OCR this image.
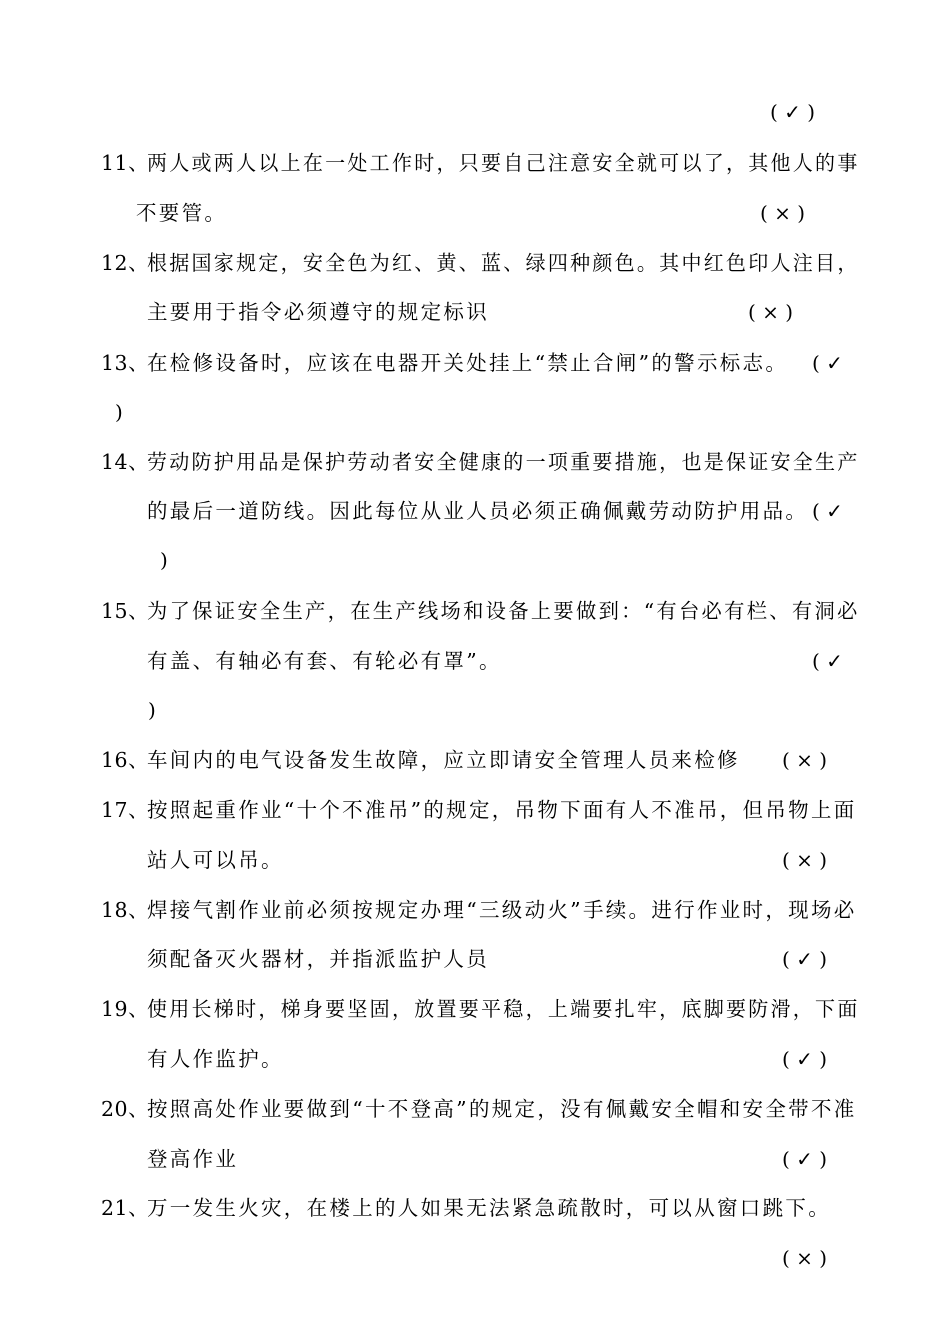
( ✓ )
11、
两人或两人以上在一处工作时，只要自己注意安全就可以了，其他人的事
不要管。	( × )
12、
根据国家规定，安全色为红、黄、蓝、绿四种颜色。其中红色印人注目，
主要用于指令必须遵守的规定标识	( × )
13、
在检修设备时，应该在电器开关处挂上“禁止合闸”的警示标志。 ( ✓
)
14、
劳动防护用品是保护劳动者安全健康的一项重要措施，也是保证安全生产
的最后一道防线。因此每位从业人员必须正确佩戴劳动防护用品。 ( ✓
)
15、
为了保证安全生产，在生产线场和设备上要做到：“有台必有栏、有洞必
有盖、有轴必有套、有轮必有罩”。	( ✓
)
16、
车间内的电气设备发生故障，应立即请安全管理人员来检修 ( × )
17、
按照起重作业“十个不准吊”的规定，吊物下面有人不准吊，但吊物上面
站人可以吊。	( × )
18、
焊接气割作业前必须按规定办理“三级动火”手续。进行作业时，现场必
须配备灭火器材，并指派监护人员	( ✓ )
19、
使用长梯时，梯身要坚固，放置要平稳，上端要扎牢，底脚要防滑，下面
有人作监护。	( ✓ )
20、
按照高处作业要做到“十不登高”的规定，没有佩戴安全帽和安全带不准
登高作业	( ✓ )
21、
万一发生火灾，在楼上的人如果无法紧急疏散时，可以从窗口跳下。
( × )
